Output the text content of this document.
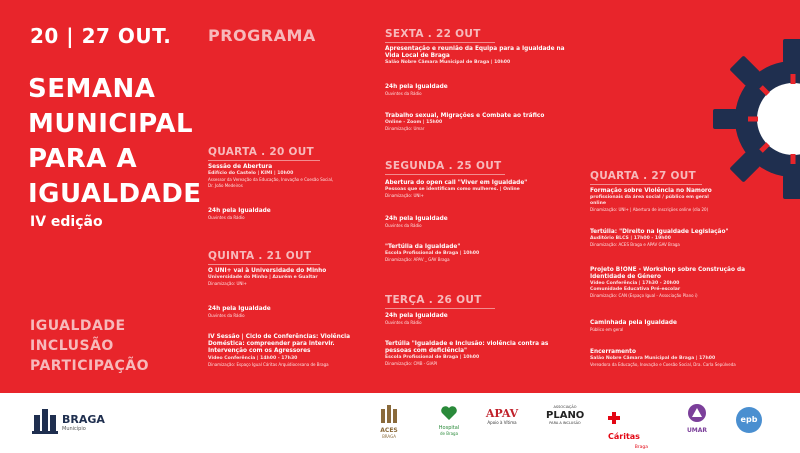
20 | 27 OUT.
SEMANA
MUNICIPAL
PARA A
IGUALDADE
IV edição
IGUALDADE
INCLUSÃO
PARTICIPAÇÃO
PROGRAMA
QUARTA . 20 OUT
Sessão de Abertura
Edifício do Castelo | KIMI | 10h00
Assessor da Vereação da Educação, Inovação e Coesão Social,
Dr. João Medeiros
24h pela Igualdade
Ouvintes da Rádio
QUINTA . 21 OUT
O UNI+ vai à Universidade do Minho
Universidade do Minho | Azurém e Gualtar
Dinamização: UNI+
24h pela Igualdade
Ouvintes da Rádio
IV Sessão | Ciclo de Conferências: Violência
Doméstica: compreender para intervir.
Intervenção com os Agressores
Vídeo Conferência | 14h00 - 17h30
Dinamização: Espaço Igual Cáritas Arquidiocesana de Braga
SEXTA . 22 OUT
Apresentação e reunião da Equipa para a Igualdade na
Vida Local de Braga
Salão Nobre Câmara Municipal de Braga | 10h00
24h pela Igualdade
Ouvintes da Rádio
Trabalho sexual, Migrações e Combate ao tráfico
Online - Zoom | 15h00
Dinamização: Umar
SEGUNDA . 25 OUT
Abertura do open call "Viver em Igualdade"
Pessoas que se identificam como mulheres. | Online
Dinamização: UNI+
24h pela Igualdade
Ouvintes da Rádio
"Tertúlia da Igualdade"
Escola Profissional de Braga | 10h00
Dinamização: APAV _ GAV Braga
TERÇA . 26 OUT
24h pela Igualdade
Ouvintes da Rádio
Tertúlia "Igualdade e Inclusão: violência contra as
pessoas com deficiência"
Escola Profissional de Braga | 10h00
Dinamização: CMB - GIAPI
QUARTA . 27 OUT
Formação sobre Violência no Namoro
profissionais da área social / público em geral
online
Dinamização: UNI+ | Abertura de inscrições online (dia 20)
Tertúlia: "Direito na Igualdade Legislação"
Auditório BLCS | 17h00 - 19h00
Dinamização: ACES Braga e APAV GAV Braga
Projeto B!ONE - Workshop sobre Construção da
Identidade de Género
Vídeo Conferência | 17h30 - 20h00
Comunidade Educativa Pré-escolar
Dinamização: CAN (Espaço Igual - Associação Plano i)
Caminhada pela Igualdade
Público em geral
Encerramento
Salão Nobre Câmara Municipal de Braga | 17h00
Vereadora da Educação, Inovação e Coesão Social, Dra. Carla Sepúlveda
BRAGA
Município	ACES
BRAGA
Hospital
de Braga
APAV
Apoio à Vítima
ASSOCIAÇÃO
PLANO
PARA A INCLUSÃO
Cáritas
Braga
UMAR
epb
